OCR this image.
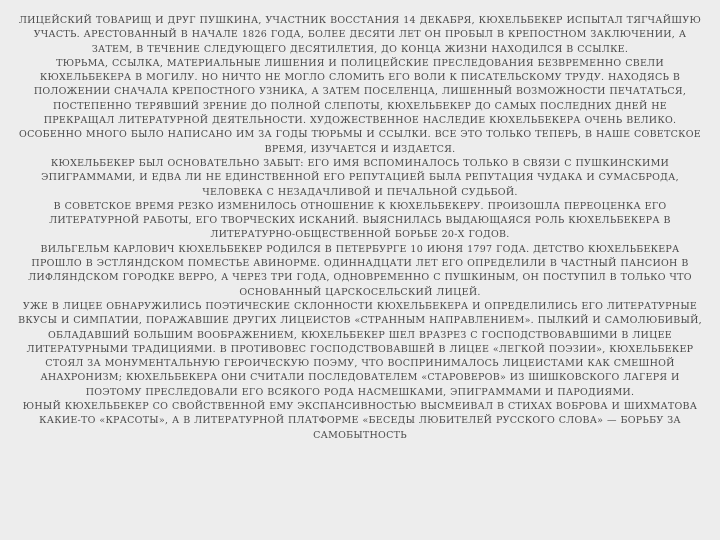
ЛИЦЕЙСКИЙ ТОВАРИЩ И ДРУГ ПУШКИНА, УЧАСТНИК ВОССТАНИЯ 14 ДЕКАБРЯ, КЮХЕЛЬБЕКЕР ИСПЫТАЛ ТЯГЧАЙШУЮ УЧАСТЬ. АРЕСТОВАННЫЙ В НАЧАЛЕ 1826 ГОДА, БОЛЕЕ ДЕСЯТИ ЛЕТ ОН ПРОБЫЛ В КРЕПОСТНОМ ЗАКЛЮЧЕНИИ, А ЗАТЕМ, В ТЕЧЕНИЕ СЛЕДУЮЩЕГО ДЕСЯТИЛЕТИЯ, ДО КОНЦА ЖИЗНИ НАХОДИЛСЯ В ССЫЛКЕ.

ТЮРЬМА, ССЫЛКА, МАТЕРИАЛЬНЫЕ ЛИШЕНИЯ И ПОЛИЦЕЙСКИЕ ПРЕСЛЕДОВАНИЯ БЕЗВРЕМЕННО СВЕЛИ КЮХЕЛЬБЕКЕРА В МОГИЛУ. НО НИЧТО НЕ МОГЛО СЛОМИТЬ ЕГО ВОЛИ К ПИСАТЕЛЬСКОМУ ТРУДУ. НАХОДЯСЬ В ПОЛОЖЕНИИ СНАЧАЛА КРЕПОСТНОГО УЗНИКА, А ЗАТЕМ ПОСЕЛЕНЦА, ЛИШЕННЫЙ ВОЗМОЖНОСТИ ПЕЧАТАТЬСЯ, ПОСТЕПЕННО ТЕРЯВШИЙ ЗРЕНИЕ ДО ПОЛНОЙ СЛЕПОТЫ, КЮХЕЛЬБЕКЕР ДО САМЫХ ПОСЛЕДНИХ ДНЕЙ НЕ ПРЕКРАЩАЛ ЛИТЕРАТУРНОЙ ДЕЯТЕЛЬНОСТИ. ХУДОЖЕСТВЕННОЕ НАСЛЕДИЕ КЮХЕЛЬБЕКЕРА ОЧЕНЬ ВЕЛИКО. ОСОБЕННО МНОГО БЫЛО НАПИСАНО ИМ ЗА ГОДЫ ТЮРЬМЫ И ССЫЛКИ. ВСЕ ЭТО ТОЛЬКО ТЕПЕРЬ, В НАШЕ СОВЕТСКОЕ ВРЕМЯ, ИЗУЧАЕТСЯ И ИЗДАЕТСЯ.

КЮХЕЛЬБЕКЕР БЫЛ ОСНОВАТЕЛЬНО ЗАБЫТ: ЕГО ИМЯ ВСПОМИНАЛОСЬ ТОЛЬКО В СВЯЗИ С ПУШКИНСКИМИ ЭПИГРАММАМИ, И ЕДВА ЛИ НЕ ЕДИНСТВЕННОЙ ЕГО РЕПУТАЦИЕЙ БЫЛА РЕПУТАЦИЯ ЧУДАКА И СУМАСБРОДА, ЧЕЛОВЕКА С НЕЗАДАЧЛИВОЙ И ПЕЧАЛЬНОЙ СУДЬБОЙ.

В СОВЕТСКОЕ ВРЕМЯ РЕЗКО ИЗМЕНИЛОСЬ ОТНОШЕНИЕ К КЮХЕЛЬБЕКЕРУ. ПРОИЗОШЛА ПЕРЕОЦЕНКА ЕГО ЛИТЕРАТУРНОЙ РАБОТЫ, ЕГО ТВОРЧЕСКИХ ИСКАНИЙ. ВЫЯСНИЛАСЬ ВЫДАЮЩАЯСЯ РОЛЬ КЮХЕЛЬБЕКЕРА В ЛИТЕРАТУРНО-ОБЩЕСТВЕННОЙ БОРЬБЕ 20-Х ГОДОВ.

ВИЛЬГЕЛЬМ КАРЛОВИЧ КЮХЕЛЬБЕКЕР РОДИЛСЯ В ПЕТЕРБУРГЕ 10 ИЮНЯ 1797 ГОДА. ДЕТСТВО КЮХЕЛЬБЕКЕРА ПРОШЛО В ЭСТЛЯНДСКОМ ПОМЕСТЬЕ АВИНОРМЕ. ОДИННАДЦАТИ ЛЕТ ЕГО ОПРЕДЕЛИЛИ В ЧАСТНЫЙ ПАНСИОН В ЛИФЛЯНДСКОМ ГОРОДКЕ ВЕРРО, А ЧЕРЕЗ ТРИ ГОДА, ОДНОВРЕМЕННО С ПУШКИНЫМ, ОН ПОСТУПИЛ В ТОЛЬКО ЧТО ОСНОВАННЫЙ ЦАРСКОСЕЛЬСКИЙ ЛИЦЕЙ.

УЖЕ В ЛИЦЕЕ ОБНАРУЖИЛИСЬ ПОЭТИЧЕСКИЕ СКЛОННОСТИ КЮХЕЛЬБЕКЕРА И ОПРЕДЕЛИЛИСЬ ЕГО ЛИТЕРАТУРНЫЕ ВКУСЫ И СИМПАТИИ, ПОРАЖАВШИЕ ДРУГИХ ЛИЦЕИСТОВ «СТРАННЫМ НАПРАВЛЕНИЕМ». ПЫЛКИЙ И САМОЛЮБИВЫЙ, ОБЛАДАВШИЙ БОЛЬШИМ ВООБРАЖЕНИЕМ, КЮХЕЛЬБЕКЕР ШЕЛ ВРАЗРЕЗ С ГОСПОДСТВОВАВШИМИ В ЛИЦЕЕ ЛИТЕРАТУРНЫМИ ТРАДИЦИЯМИ. В ПРОТИВОВЕС ГОСПОДСТВОВАВШЕЙ В ЛИЦЕЕ «ЛЕГКОЙ ПОЭЗИИ», КЮХЕЛЬБЕКЕР СТОЯЛ ЗА МОНУМЕНТАЛЬНУЮ ГЕРОИЧЕСКУЮ ПОЭМУ, ЧТО ВОСПРИНИМАЛОСЬ ЛИЦЕИСТАМИ КАК СМЕШНОЙ АНАХРОНИЗМ; КЮХЕЛЬБЕКЕРА ОНИ СЧИТАЛИ ПОСЛЕДОВАТЕЛЕМ «СТАРОВЕРОВ» ИЗ ШИШКОВСКОГО ЛАГЕРЯ И ПОЭТОМУ ПРЕСЛЕДОВАЛИ ЕГО ВСЯКОГО РОДА НАСМЕШКАМИ, ЭПИГРАММАМИ И ПАРОДИЯМИ.

ЮНЫЙ КЮХЕЛЬБЕКЕР СО СВОЙСТВЕННОЙ ЕМУ ЭКСПАНСИВНОСТЬЮ ВЫСМЕИВАЛ В СТИХАХ ВОБРОВА И ШИХМАТОВА КАКИЕ-ТО «КРАСОТЫ», А В ЛИТЕРАТУРНОЙ ПЛАТФОРМЕ «БЕСЕДЫ ЛЮБИТЕЛЕЙ РУССКОГО СЛОВА» — БОРЬБУ ЗА САМОБЫТНОСТЬ
